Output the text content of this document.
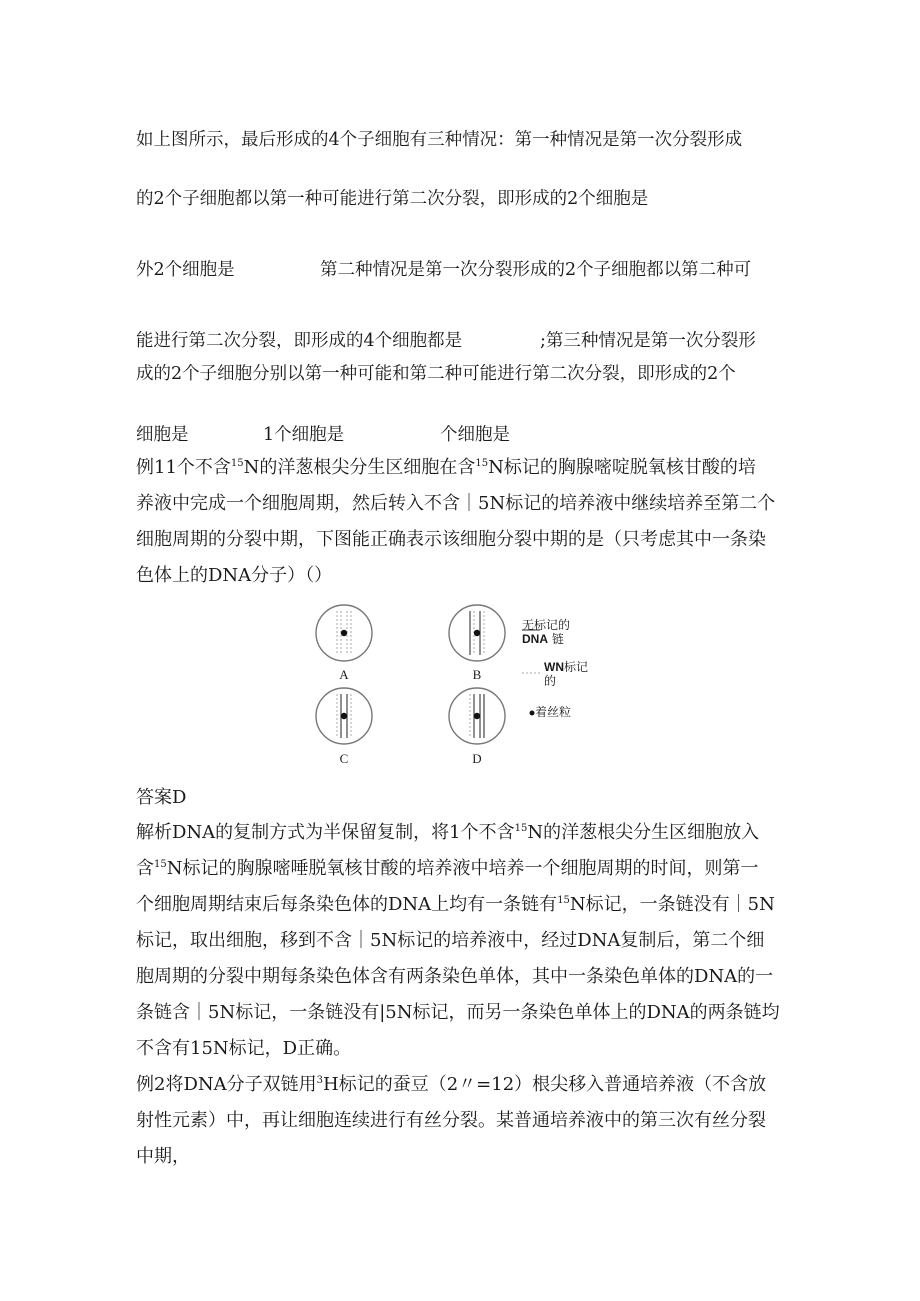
如上图所示，最后形成的4个子细胞有三种情况：第一种情况是第一次分裂形成
的2个子细胞都以第一种可能进行第二次分裂，即形成的2个细胞是
外2个细胞是	第二种情况是第一次分裂形成的2个子细胞都以第二种可
能进行第二次分裂，即形成的4个细胞都是	;第三种情况是第一次分裂形
成的2个子细胞分别以第一种可能和第二种可能进行第二次分裂，即形成的2个
细胞是	1个细胞是	个细胞是
例11个不含$^{15}$N的洋葱根尖分生区细胞在含$^{15}$N标记的胸腺嘧啶脱氧核甘酸的培
养液中完成一个细胞周期，然后转入不含｜5N标记的培养液中继续培养至第二个
细胞周期的分裂中期，下图能正确表示该细胞分裂中期的是（只考虑其中一条染
色体上的DNA分子）（）
A	B
C	D
无标记的
DNA 链
WN标记
的
着丝粒
答案D
解析DNA的复制方式为半保留复制，将1个不含$^{15}$N的洋葱根尖分生区细胞放入
含$^{15}$N标记的胸腺嘧唾脱氧核甘酸的培养液中培养一个细胞周期的时间，则第一
个细胞周期结束后每条染色体的DNA上均有一条链有$^{15}$N标记，一条链没有｜5N
标记，取出细胞，移到不含｜5N标记的培养液中，经过DNA复制后，第二个细
胞周期的分裂中期每条染色体含有两条染色单体，其中一条染色单体的DNA的一
条链含｜5N标记，一条链没有|5N标记，而另一条染色单体上的DNA的两条链均
不含有15N标记，D正确。
例2将DNA分子双链用$^3$H标记的蚕豆（2〃=12）根尖移入普通培养液（不含放
射性元素）中，再让细胞连续进行有丝分裂。某普通培养液中的第三次有丝分裂
中期，
